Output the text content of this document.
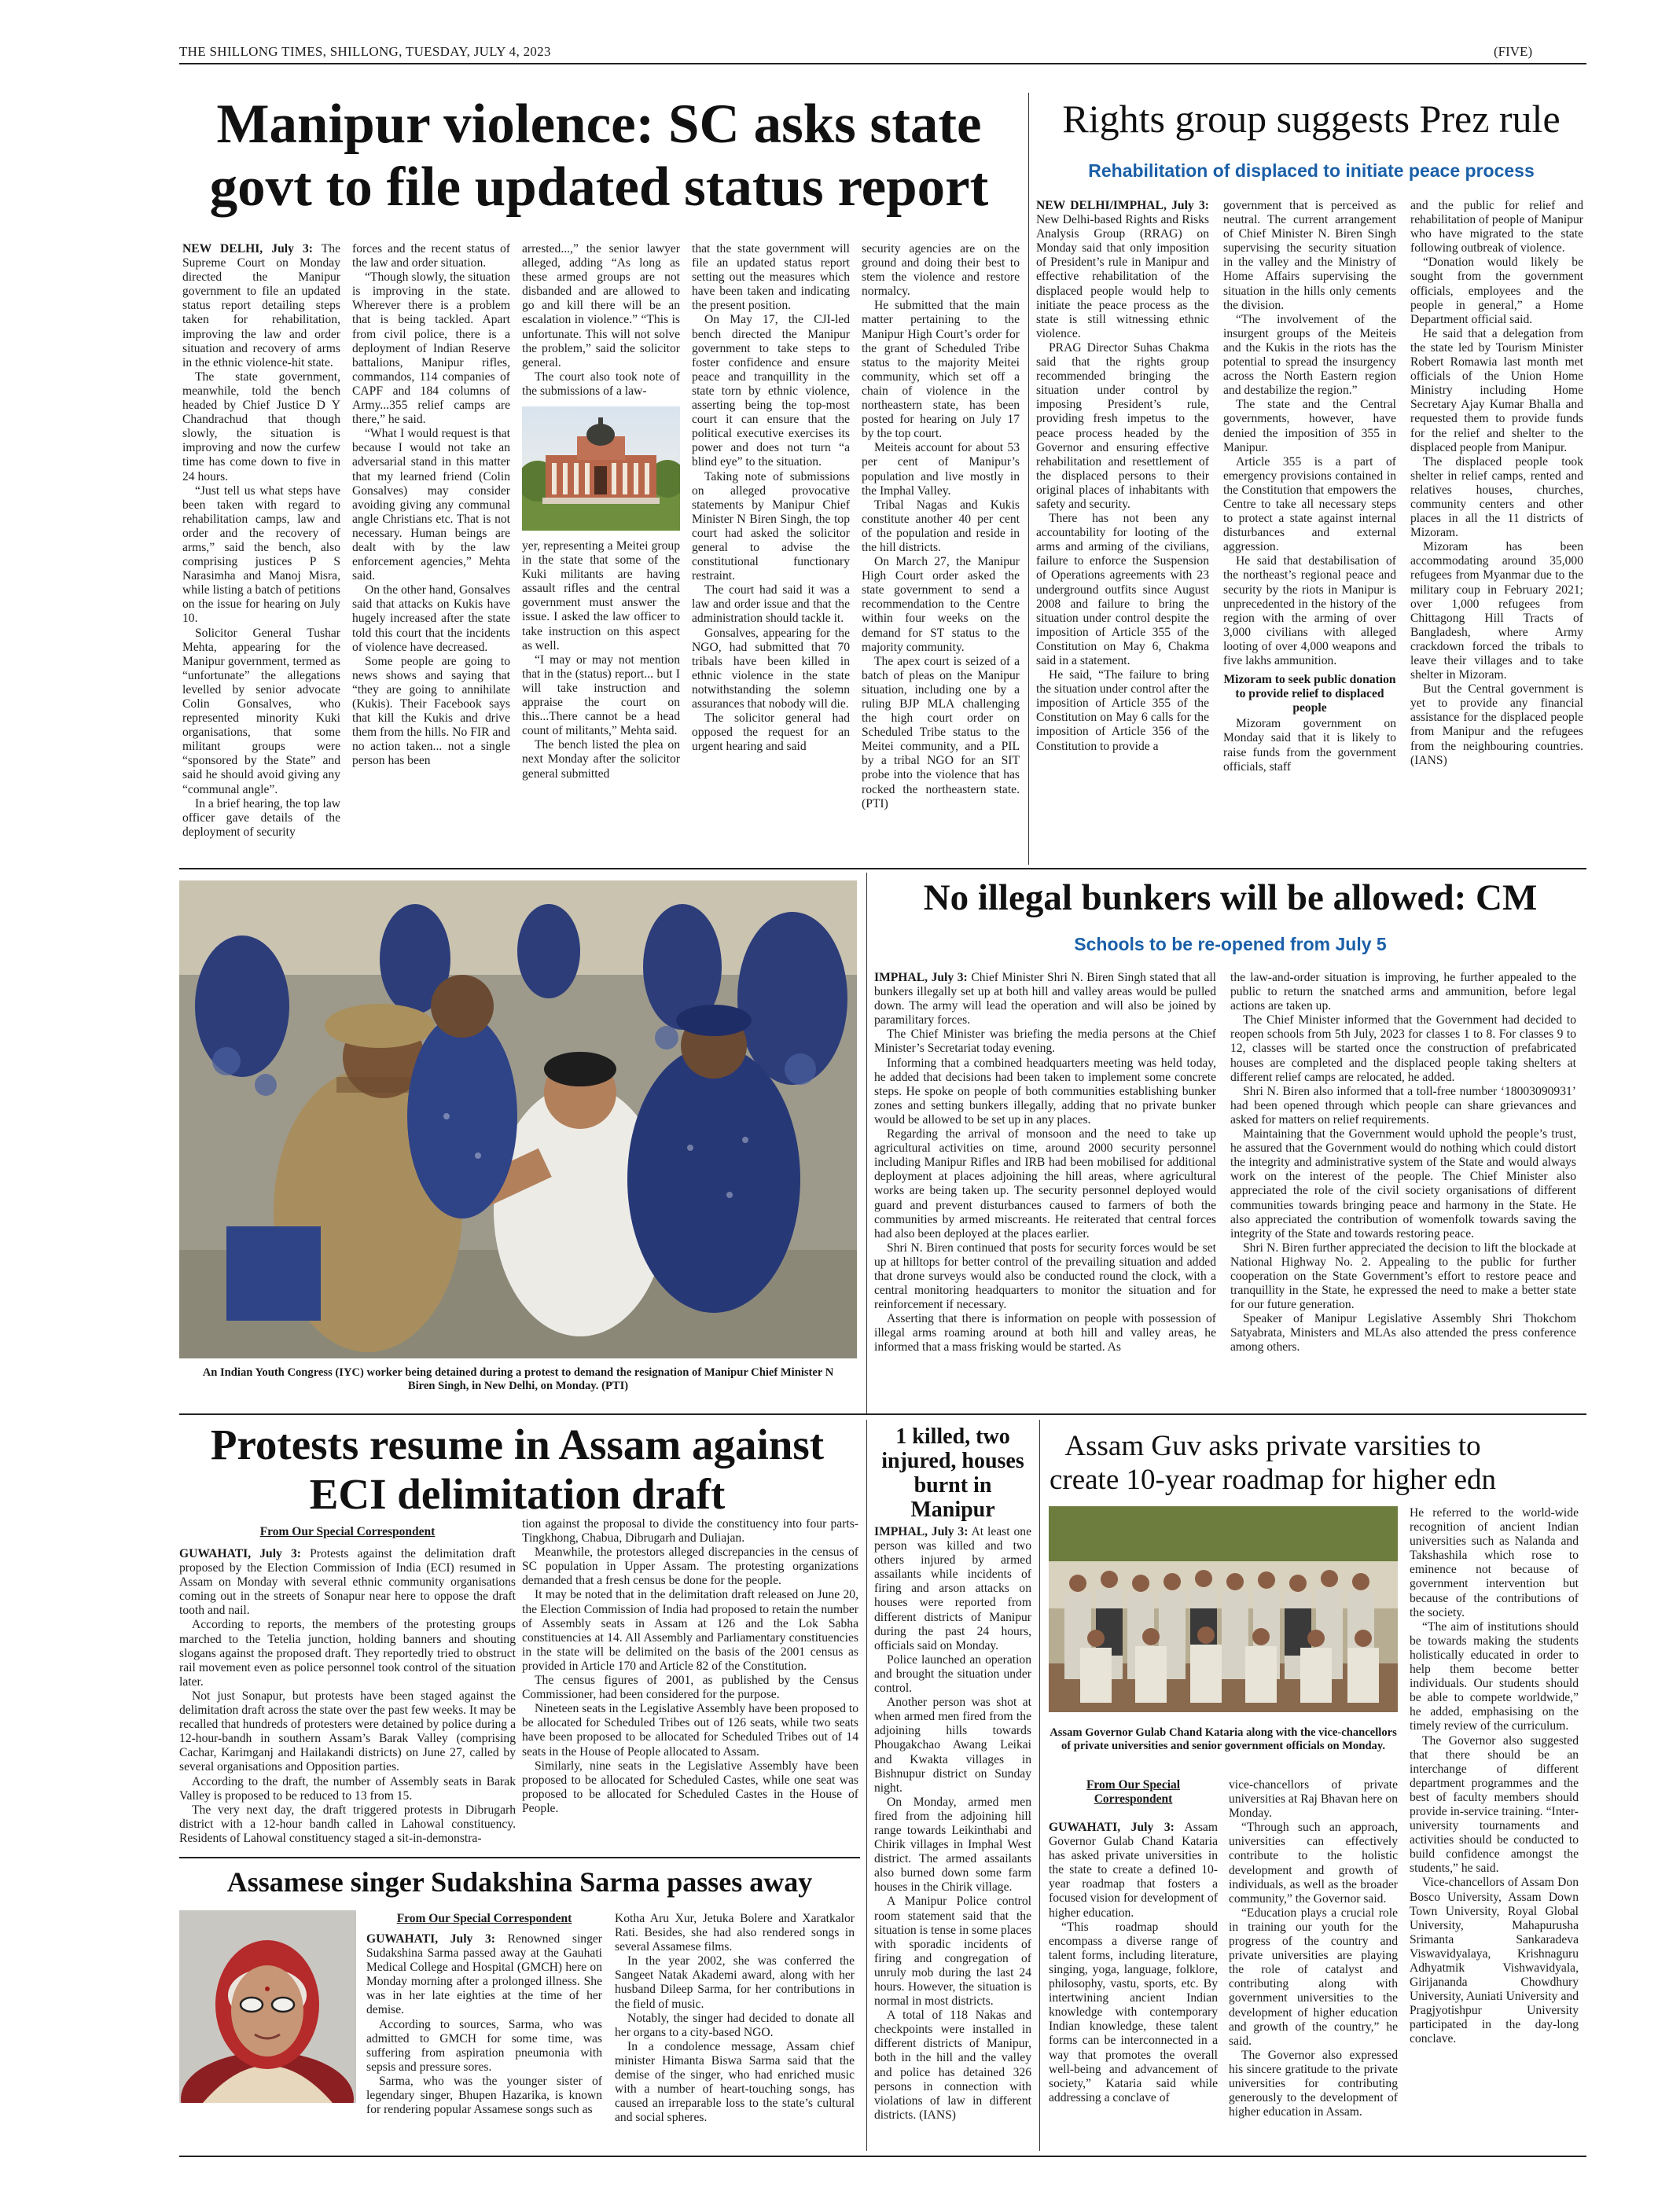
THE SHILLONG TIMES, SHILLONG, TUESDAY, JULY 4, 2023	(FIVE)
Manipur violence: SC asks state govt to file updated status report

NEW DELHI, July 3: The Supreme Court on Monday directed the Manipur government to file an updated status report detailing steps taken for rehabilitation, improving the law and order situation and recovery of arms in the ethnic violence-hit state.

The state government, meanwhile, told the bench headed by Chief Justice D Y Chandrachud that though slowly, the situation is improving and now the curfew time has come down to five in 24 hours.

“Just tell us what steps have been taken with regard to rehabilitation camps, law and order and the recovery of arms,” said the bench, also comprising justices P S Narasimha and Manoj Misra, while listing a batch of petitions on the issue for hearing on July 10.

Solicitor General Tushar Mehta, appearing for the Manipur government, termed as “unfortunate” the allegations levelled by senior advocate Colin Gonsalves, who represented minority Kuki organisations, that some militant groups were “sponsored by the State” and said he should avoid giving any “communal angle”.

In a brief hearing, the top law officer gave details of the deployment of security

forces and the recent status of the law and order situation.

“Though slowly, the situation is improving in the state. Wherever there is a problem that is being tackled. Apart from civil police, there is a deployment of Indian Reserve battalions, Manipur rifles, commandos, 114 companies of CAPF and 184 columns of Army...355 relief camps are there,” he said.

“What I would request is that because I would not take an adversarial stand in this matter that my learned friend (Colin Gonsalves) may consider avoiding giving any communal angle Christians etc. That is not necessary. Human beings are dealt with by the law enforcement agencies,” Mehta said.

On the other hand, Gonsalves said that attacks on Kukis have hugely increased after the state told this court that the incidents of violence have decreased.

Some people are going to news shows and saying that “they are going to annihilate (Kukis). Their Facebook says that kill the Kukis and drive them from the hills. No FIR and no action taken... not a single person has been

arrested...,” the senior lawyer alleged, adding “As long as these armed groups are not disbanded and are allowed to go and kill there will be an escalation in violence.” “This is unfortunate. This will not solve the problem,” said the solicitor general.

The court also took note of the submissions of a law-

yer, representing a Meitei group in the state that some of the Kuki militants are having assault rifles and the central government must answer the issue. I asked the law officer to take instruction on this aspect as well.

“I may or may not mention that in the (status) report... but I will take instruction and appraise the court on this...There cannot be a head count of militants,” Mehta said.

The bench listed the plea on next Monday after the solicitor general submitted

that the state government will file an updated status report setting out the measures which have been taken and indicating the present position.

On May 17, the CJI-led bench directed the Manipur government to take steps to foster confidence and ensure peace and tranquillity in the state torn by ethnic violence, asserting being the top-most court it can ensure that the political executive exercises its power and does not turn “a blind eye” to the situation.

Taking note of submissions on alleged provocative statements by Manipur Chief Minister N Biren Singh, the top court had asked the solicitor general to advise the constitutional functionary restraint.

The court had said it was a law and order issue and that the administration should tackle it.

Gonsalves, appearing for the NGO, had submitted that 70 tribals have been killed in ethnic violence in the state notwithstanding the solemn assurances that nobody will die.

The solicitor general had opposed the request for an urgent hearing and said

security agencies are on the ground and doing their best to stem the violence and restore normalcy.

He submitted that the main matter pertaining to the Manipur High Court’s order for the grant of Scheduled Tribe status to the majority Meitei community, which set off a chain of violence in the northeastern state, has been posted for hearing on July 17 by the top court.

Meiteis account for about 53 per cent of Manipur’s population and live mostly in the Imphal Valley.

Tribal Nagas and Kukis constitute another 40 per cent of the population and reside in the hill districts.

On March 27, the Manipur High Court order asked the state government to send a recommendation to the Centre within four weeks on the demand for ST status to the majority community.

The apex court is seized of a batch of pleas on the Manipur situation, including one by a ruling BJP MLA challenging the high court order on Scheduled Tribe status to the Meitei community, and a PIL by a tribal NGO for an SIT probe into the violence that has rocked the northeastern state. (PTI)

Rights group suggests Prez rule
Rehabilitation of displaced to initiate peace process

NEW DELHI/IMPHAL, July 3: New Delhi-based Rights and Risks Analysis Group (RRAG) on Monday said that only imposition of President’s rule in Manipur and effective rehabilitation of the displaced people would help to initiate the peace process as the state is still witnessing ethnic violence.

PRAG Director Suhas Chakma said that the rights group recommended bringing the situation under control by imposing President’s rule, providing fresh impetus to the peace process headed by the Governor and ensuring effective rehabilitation and resettlement of the displaced persons to their original places of inhabitants with safety and security.

There has not been any accountability for looting of the arms and arming of the civilians, failure to enforce the Suspension of Operations agreements with 23 underground outfits since August 2008 and failure to bring the situation under control despite the imposition of Article 355 of the Constitution on May 6, Chakma said in a statement.

He said, “The failure to bring the situation under control after the imposition of Article 355 of the Constitution on May 6 calls for the imposition of Article 356 of the Constitution to provide a

government that is perceived as neutral. The current arrangement of Chief Minister N. Biren Singh supervising the security situation in the valley and the Ministry of Home Affairs supervising the situation in the hills only cements the division.

“The involvement of the insurgent groups of the Meiteis and the Kukis in the riots has the potential to spread the insurgency across the North Eastern region and destabilize the region.”

The state and the Central governments, however, have denied the imposition of 355 in Manipur.

Article 355 is a part of emergency provisions contained in the Constitution that empowers the Centre to take all necessary steps to protect a state against internal disturbances and external aggression.

He said that destabilisation of the northeast’s regional peace and security by the riots in Manipur is unprecedented in the history of the region with the arming of over 3,000 civilians with alleged looting of over 4,000 weapons and five lakhs ammunition.

Mizoram to seek public donation to provide relief to displaced people

Mizoram government on Monday said that it is likely to raise funds from the government officials, staff

and the public for relief and rehabilitation of people of Manipur who have migrated to the state following outbreak of violence.

“Donation would likely be sought from the government officials, employees and the people in general,” a Home Department official said.

He said that a delegation from the state led by Tourism Minister Robert Romawia last month met officials of the Union Home Ministry including Home Secretary Ajay Kumar Bhalla and requested them to provide funds for the relief and shelter to the displaced people from Manipur.

The displaced people took shelter in relief camps, rented and relatives houses, churches, community centers and other places in all the 11 districts of Mizoram.

Mizoram has been accommodating around 35,000 refugees from Myanmar due to the military coup in February 2021; over 1,000 refugees from Chittagong Hill Tracts of Bangladesh, where Army crackdown forced the tribals to leave their villages and to take shelter in Mizoram.

But the Central government is yet to provide any financial assistance for the displaced people from Manipur and the refugees from the neighbouring countries. (IANS)

An Indian Youth Congress (IYC) worker being detained during a protest to demand the resignation of Manipur Chief Minister N Biren Singh, in New Delhi, on Monday. (PTI)
No illegal bunkers will be allowed: CM
Schools to be re-opened from July 5

IMPHAL, July 3: Chief Minister Shri N. Biren Singh stated that all bunkers illegally set up at both hill and valley areas would be pulled down. The army will lead the operation and will also be joined by paramilitary forces.

The Chief Minister was briefing the media persons at the Chief Minister’s Secretariat today evening.

Informing that a combined headquarters meeting was held today, he added that decisions had been taken to implement some concrete steps. He spoke on people of both communities establishing bunker zones and setting bunkers illegally, adding that no private bunker would be allowed to be set up in any places.

Regarding the arrival of monsoon and the need to take up agricultural activities on time, around 2000 security personnel including Manipur Rifles and IRB had been mobilised for additional deployment at places adjoining the hill areas, where agricultural works are being taken up. The security personnel deployed would guard and prevent disturbances caused to farmers of both the communities by armed miscreants. He reiterated that central forces had also been deployed at the places earlier.

Shri N. Biren continued that posts for security forces would be set up at hilltops for better control of the prevailing situation and added that drone surveys would also be conducted round the clock, with a central monitoring headquarters to monitor the situation and for reinforcement if necessary.

Asserting that there is information on people with possession of illegal arms roaming around at both hill and valley areas, he informed that a mass frisking would be started. As

the law-and-order situation is improving, he further appealed to the public to return the snatched arms and ammunition, before legal actions are taken up.

The Chief Minister informed that the Government had decided to reopen schools from 5th July, 2023 for classes 1 to 8. For classes 9 to 12, classes will be started once the construction of prefabricated houses are completed and the displaced people taking shelters at different relief camps are relocated, he added.

Shri N. Biren also informed that a toll-free number ‘18003090931’ had been opened through which people can share grievances and asked for matters on relief requirements.

Maintaining that the Government would uphold the people’s trust, he assured that the Government would do nothing which could distort the integrity and administrative system of the State and would always work on the interest of the people. The Chief Minister also appreciated the role of the civil society organisations of different communities towards bringing peace and harmony in the State. He also appreciated the contribution of womenfolk towards saving the integrity of the State and towards restoring peace.

Shri N. Biren further appreciated the decision to lift the blockade at National Highway No. 2. Appealing to the public for further cooperation on the State Government’s effort to restore peace and tranquillity in the State, he expressed the need to make a better state for our future generation.

Speaker of Manipur Legislative Assembly Shri Thokchom Satyabrata, Ministers and MLAs also attended the press conference among others.

Protests resume in Assam against ECI delimitation draft
From Our Special Correspondent

GUWAHATI, July 3: Protests against the delimitation draft proposed by the Election Commission of India (ECI) resumed in Assam on Monday with several ethnic community organisations coming out in the streets of Sonapur near here to oppose the draft tooth and nail.

According to reports, the members of the protesting groups marched to the Tetelia junction, holding banners and shouting slogans against the proposed draft. They reportedly tried to obstruct rail movement even as police personnel took control of the situation later.

Not just Sonapur, but protests have been staged against the delimitation draft across the state over the past few weeks. It may be recalled that hundreds of protesters were detained by police during a 12-hour-bandh in southern Assam’s Barak Valley (comprising Cachar, Karimganj and Hailakandi districts) on June 27, called by several organisations and Opposition parties.

According to the draft, the number of Assembly seats in Barak Valley is proposed to be reduced to 13 from 15.

The very next day, the draft triggered protests in Dibrugarh district with a 12-hour bandh called in Lahowal constituency. Residents of Lahowal constituency staged a sit-in-demonstra-

tion against the proposal to divide the constituency into four parts- Tingkhong, Chabua, Dibrugarh and Duliajan.

Meanwhile, the protestors alleged discrepancies in the census of SC population in Upper Assam. The protesting organizations demanded that a fresh census be done for the people.

It may be noted that in the delimitation draft released on June 20, the Election Commission of India had proposed to retain the number of Assembly seats in Assam at 126 and the Lok Sabha constituencies at 14. All Assembly and Parliamentary constituencies in the state will be delimited on the basis of the 2001 census as provided in Article 170 and Article 82 of the Constitution.

The census figures of 2001, as published by the Census Commissioner, had been considered for the purpose.

Nineteen seats in the Legislative Assembly have been proposed to be allocated for Scheduled Tribes out of 126 seats, while two seats have been proposed to be allocated for Scheduled Tribes out of 14 seats in the House of People allocated to Assam.

Similarly, nine seats in the Legislative Assembly have been proposed to be allocated for Scheduled Castes, while one seat was proposed to be allocated for Scheduled Castes in the House of People.

Assamese singer Sudakshina Sarma passes away
From Our Special Correspondent

GUWAHATI, July 3: Renowned singer Sudakshina Sarma passed away at the Gauhati Medical College and Hospital (GMCH) here on Monday morning after a prolonged illness. She was in her late eighties at the time of her demise.

According to sources, Sarma, who was admitted to GMCH for some time, was suffering from aspiration pneumonia with sepsis and pressure sores.

Sarma, who was the younger sister of legendary singer, Bhupen Hazarika, is known for rendering popular Assamese songs such as

Kotha Aru Xur, Jetuka Bolere and Xaratkalor Rati. Besides, she had also rendered songs in several Assamese films.

In the year 2002, she was conferred the Sangeet Natak Akademi award, along with her husband Dileep Sarma, for her contributions in the field of music.

Notably, the singer had decided to donate all her organs to a city-based NGO.

In a condolence message, Assam chief minister Himanta Biswa Sarma said that the demise of the singer, who had enriched music with a number of heart-touching songs, has caused an irreparable loss to the state’s cultural and social spheres.

1 killed, two injured, houses burnt in Manipur

IMPHAL, July 3: At least one person was killed and two others injured by armed assailants while incidents of firing and arson attacks on houses were reported from different districts of Manipur during the past 24 hours, officials said on Monday.

Police launched an operation and brought the situation under control.

Another person was shot at when armed men fired from the adjoining hills towards Phougakchao Awang Leikai and Kwakta villages in Bishnupur district on Sunday night.

On Monday, armed men fired from the adjoining hill range towards Leikinthabi and Chirik villages in Imphal West district. The armed assailants also burned down some farm houses in the Chirik village.

A Manipur Police control room statement said that the situation is tense in some places with sporadic incidents of firing and congregation of unruly mob during the last 24 hours. However, the situation is normal in most districts.

A total of 118 Nakas and checkpoints were installed in different districts of Manipur, both in the hill and the valley and police has detained 326 persons in connection with violations of law in different districts. (IANS)

Assam Guv asks private varsities to create 10-year roadmap for higher edn
Assam Governor Gulab Chand Kataria along with the vice-chancellors of private universities and senior government officials on Monday.
From Our Special Correspondent

GUWAHATI, July 3: Assam Governor Gulab Chand Kataria has asked private universities in the state to create a defined 10-year roadmap that fosters a focused vision for development of higher education.

“This roadmap should encompass a diverse range of talent forms, including literature, singing, yoga, language, folklore, philosophy, vastu, sports, etc. By intertwining ancient Indian knowledge with contemporary Indian knowledge, these talent forms can be interconnected in a way that promotes the overall well-being and advancement of society,” Kataria said while addressing a conclave of

vice-chancellors of private universities at Raj Bhavan here on Monday.

“Through such an approach, universities can effectively contribute to the holistic development and growth of individuals, as well as the broader community,” the Governor said.

“Education plays a crucial role in training our youth for the progress of the country and private universities are playing the role of catalyst and contributing along with government universities to the development of higher education and growth of the country,” he said.

The Governor also expressed his sincere gratitude to the private universities for contributing generously to the development of higher education in Assam.

He referred to the world-wide recognition of ancient Indian universities such as Nalanda and Takshashila which rose to eminence not because of government intervention but because of the contributions of the society.

“The aim of institutions should be towards making the students holistically educated in order to help them become better individuals. Our students should be able to compete worldwide,” he added, emphasising on the timely review of the curriculum.

The Governor also suggested that there should be an interchange of different department programmes and the best of faculty members should provide in-service training. “Inter-university tournaments and activities should be conducted to build confidence amongst the students,” he said.

Vice-chancellors of Assam Don Bosco University, Assam Down Town University, Royal Global University, Mahapurusha Srimanta Sankaradeva Viswavidyalaya, Krishnaguru Adhyatmik Vishwavidyala, Girijananda Chowdhury University, Auniati University and Pragjyotishpur University participated in the day-long conclave.
